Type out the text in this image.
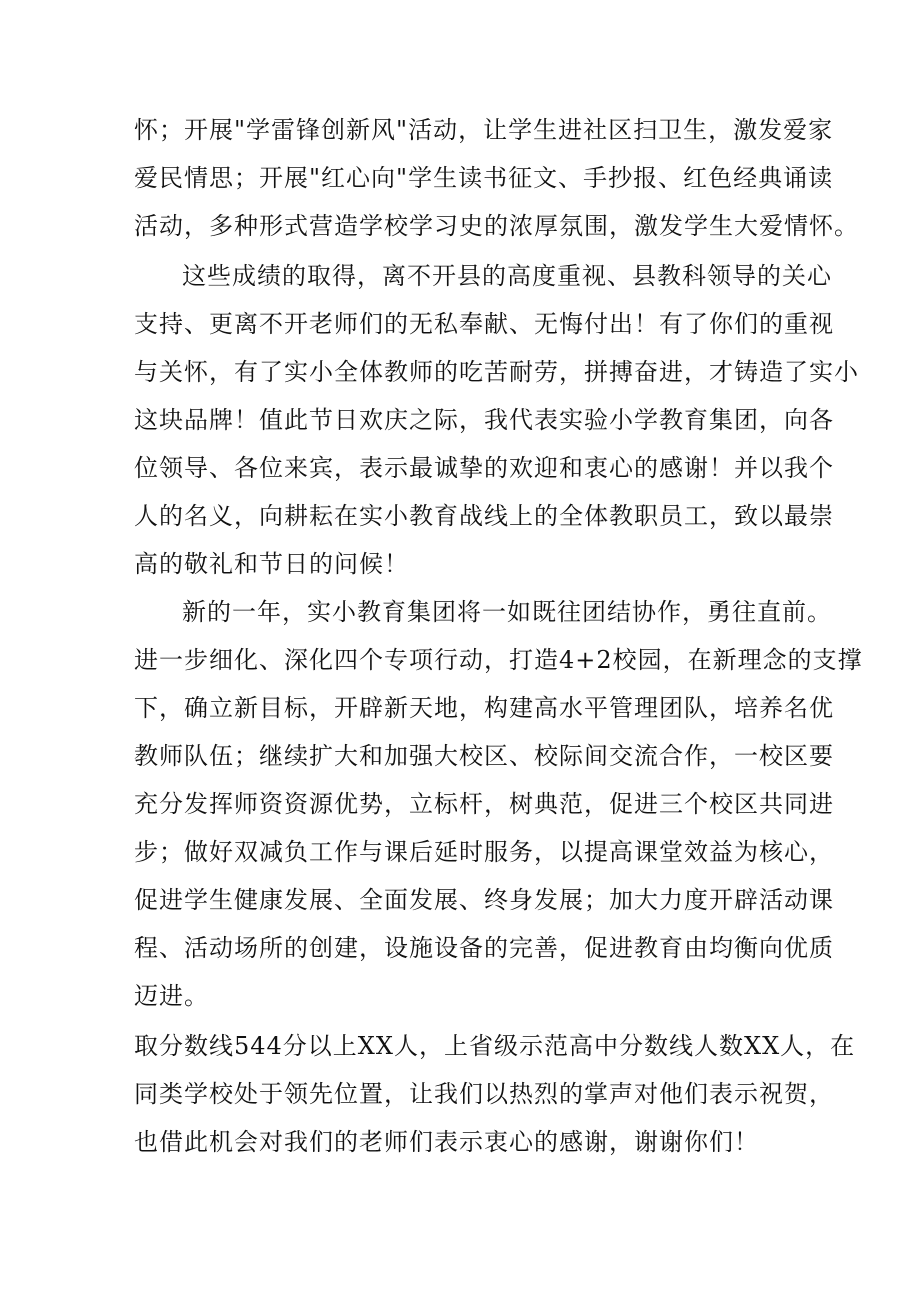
怀；开展"学雷锋创新风"活动，让学生进社区扫卫生，激发爱家
爱民情思；开展"红心向"学生读书征文、手抄报、红色经典诵读
活动，多种形式营造学校学习史的浓厚氛围，激发学生大爱情怀。
这些成绩的取得，离不开县的高度重视、县教科领导的关心
支持、更离不开老师们的无私奉献、无悔付出！有了你们的重视
与关怀，有了实小全体教师的吃苦耐劳，拼搏奋进，才铸造了实小
这块品牌！值此节日欢庆之际，我代表实验小学教育集团，向各
位领导、各位来宾，表示最诚挚的欢迎和衷心的感谢！并以我个
人的名义，向耕耘在实小教育战线上的全体教职员工，致以最崇
高的敬礼和节日的问候！
新的一年，实小教育集团将一如既往团结协作，勇往直前。
进一步细化、深化四个专项行动，打造4+2校园，在新理念的支撑
下，确立新目标，开辟新天地，构建高水平管理团队，培养名优
教师队伍；继续扩大和加强大校区、校际间交流合作，一校区要
充分发挥师资资源优势，立标杆，树典范，促进三个校区共同进
步；做好双减负工作与课后延时服务，以提高课堂效益为核心，
促进学生健康发展、全面发展、终身发展；加大力度开辟活动课
程、活动场所的创建，设施设备的完善，促进教育由均衡向优质
迈进。
取分数线544分以上XX人，上省级示范高中分数线人数XX人，在
同类学校处于领先位置，让我们以热烈的掌声对他们表示祝贺，
也借此机会对我们的老师们表示衷心的感谢，谢谢你们！
